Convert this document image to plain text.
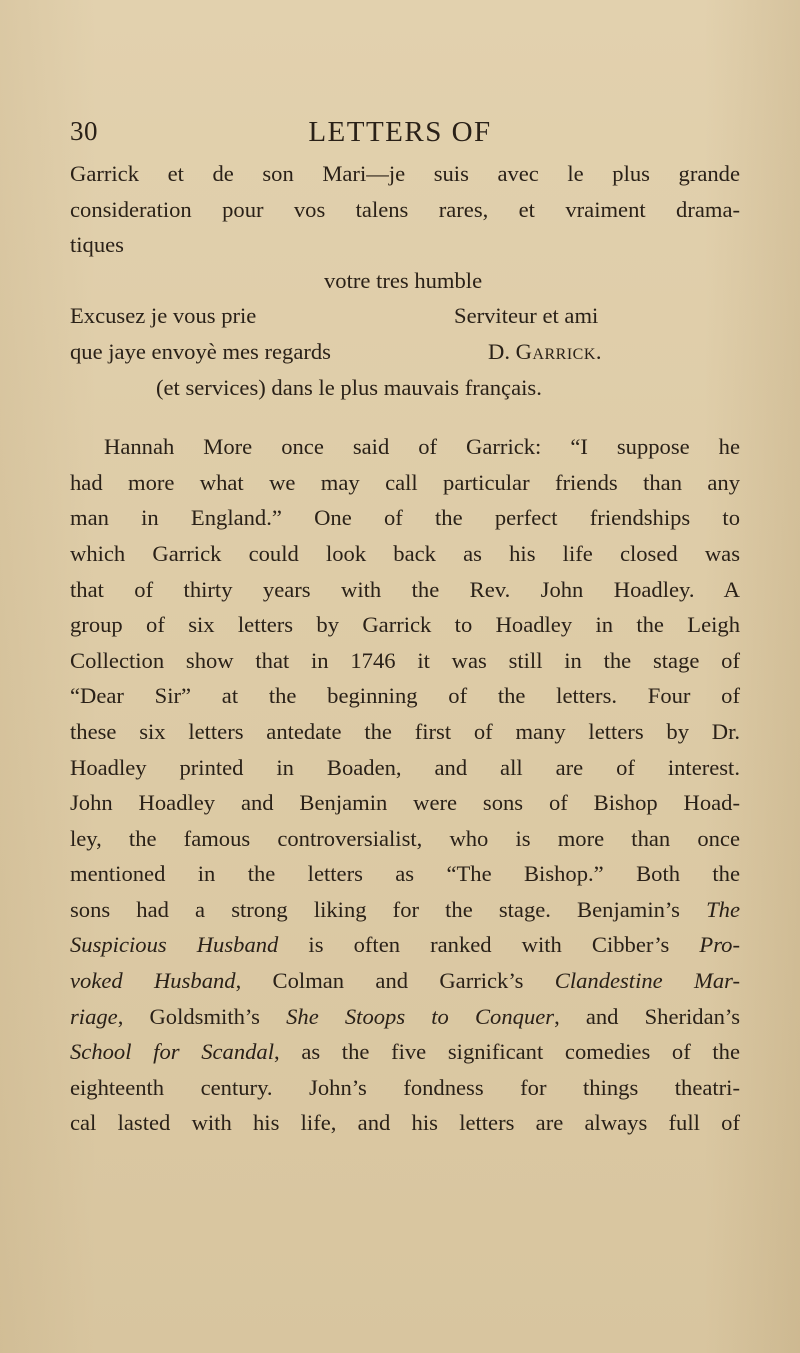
30	LETTERS OF
Garrick et de son Mari—je suis avec le plus grande
consideration pour vos talens rares, et vraiment drama-
tiques
votre tres humble
Excusez je vous prie	Serviteur et ami
que jaye envoyè mes regards	D. Garrick.
(et services) dans le plus mauvais français.
Hannah More once said of Garrick: “I suppose he
had more what we may call particular friends than any
man in England.” One of the perfect friendships to
which Garrick could look back as his life closed was
that of thirty years with the Rev. John Hoadley. A
group of six letters by Garrick to Hoadley in the Leigh
Collection show that in 1746 it was still in the stage of
“Dear Sir” at the beginning of the letters. Four of
these six letters antedate the first of many letters by Dr.
Hoadley printed in Boaden, and all are of interest.
John Hoadley and Benjamin were sons of Bishop Hoad-
ley, the famous controversialist, who is more than once
mentioned in the letters as “The Bishop.” Both the
sons had a strong liking for the stage. Benjamin’s The
Suspicious Husband is often ranked with Cibber’s Pro-
voked Husband, Colman and Garrick’s Clandestine Mar-
riage, Goldsmith’s She Stoops to Conquer, and Sheridan’s
School for Scandal, as the five significant comedies of the
eighteenth century. John’s fondness for things theatri-
cal lasted with his life, and his letters are always full of
